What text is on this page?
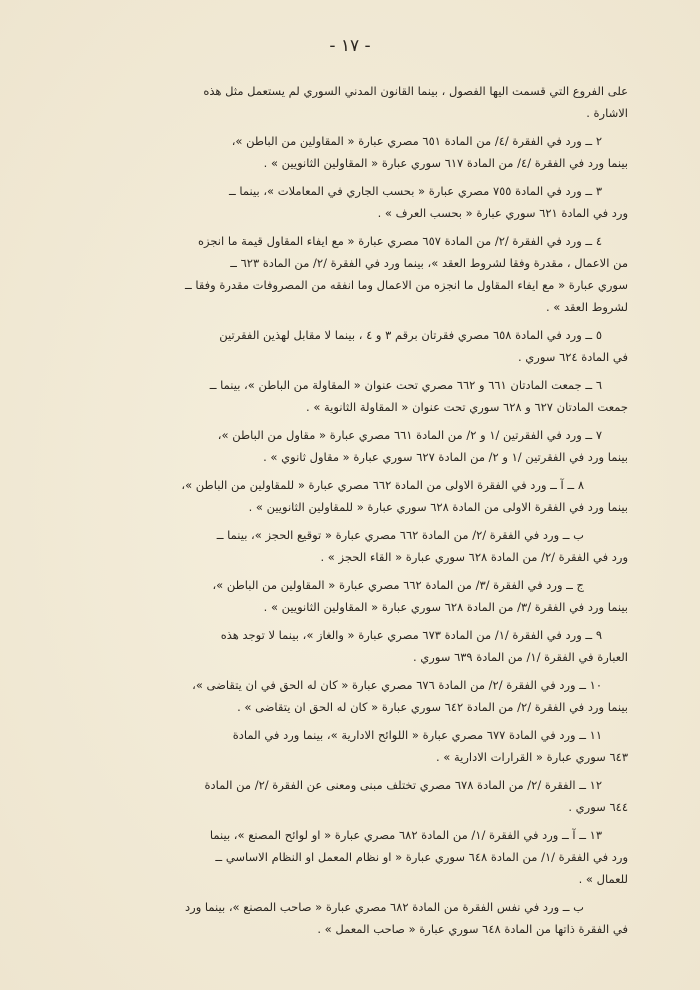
- ١٧ -

على الفروع التي قسمت اليها الفصول ، بينما القانون المدني السوري لم يستعمل مثل هذه
الاشارة .

٢ ــ ورد في الفقرة /٤/ من المادة ٦٥١ مصري عبارة « المقاولين من الباطن »،
بينما ورد في الفقرة /٤/ من المادة ٦١٧ سوري عبارة « المقاولين الثانويين » .

٣ ــ ورد في المادة ٧٥٥ مصري عبارة « بحسب الجاري في المعاملات »، بينما ــ
ورد في المادة ٦٢١ سوري عبارة « بحسب العرف » .

٤ ــ ورد في الفقرة /٢/ من المادة ٦٥٧ مصري عبارة « مع ايفاء المقاول قيمة ما انجزه
من الاعمال ، مقدرة وفقا لشروط العقد »، بينما ورد في الفقرة /٢/ من المادة ٦٢٣ ــ
سوري عبارة « مع ايفاء المقاول ما انجزه من الاعمال وما انفقه من المصروفات مقدرة وفقا ــ
لشروط العقد » .

٥ ــ ورد في المادة ٦٥٨ مصري فقرتان برقم ٣ و ٤ ، بينما لا مقابل لهذين الفقرتين
في المادة ٦٢٤ سوري .

٦ ــ جمعت المادتان ٦٦١ و ٦٦٢ مصري تحت عنوان « المقاولة من الباطن »، بينما ــ
جمعت المادتان ٦٢٧ و ٦٢٨ سوري تحت عنوان « المقاولة الثانوية » .

٧ ــ ورد في الفقرتين /١ و ٢/ من المادة ٦٦١ مصري عبارة « مقاول من الباطن »،
بينما ورد في الفقرتين /١ و ٢/ من المادة ٦٢٧ سوري عبارة « مقاول ثانوي » .

٨ ــ آ ــ ورد في الفقرة الاولى من المادة ٦٦٢ مصري عبارة « للمقاولين من الباطن »،
بينما ورد في الفقرة الاولى من المادة ٦٢٨ سوري عبارة « للمقاولين الثانويين » .

ب ــ ورد في الفقرة /٢/ من المادة ٦٦٢ مصري عبارة « توقيع الحجز »، بينما ــ
ورد في الفقرة /٢/ من المادة ٦٢٨ سوري عبارة « القاء الحجز » .

ج ــ ورد في الفقرة /٣/ من المادة ٦٦٢ مصري عبارة « المقاولين من الباطن »،
بينما ورد في الفقرة /٣/ من المادة ٦٢٨ سوري عبارة « المقاولين الثانويين » .

٩ ــ ورد في الفقرة /١/ من المادة ٦٧٣ مصري عبارة « والغاز »، بينما لا توجد هذه
العبارة في الفقرة /١/ من المادة ٦٣٩ سوري .

١٠ ــ ورد في الفقرة /٢/ من المادة ٦٧٦ مصري عبارة « كان له الحق في ان يتقاضى »،
بينما ورد في الفقرة /٢/ من المادة ٦٤٢ سوري عبارة « كان له الحق ان يتقاضى » .

١١ ــ ورد في المادة ٦٧٧ مصري عبارة « اللوائح الادارية »، بينما ورد في المادة
٦٤٣ سوري عبارة « القرارات الادارية » .

١٢ ــ الفقرة /٢/ من المادة ٦٧٨ مصري تختلف مبنى ومعنى عن الفقرة /٢/ من المادة
٦٤٤ سوري .

١٣ ــ آ ــ ورد في الفقرة /١/ من المادة ٦٨٢ مصري عبارة « او لوائح المصنع »، بينما
ورد في الفقرة /١/ من المادة ٦٤٨ سوري عبارة « او نظام المعمل او النظام الاساسي ــ
للعمال » .

ب ــ ورد في نفس الفقرة من المادة ٦٨٢ مصري عبارة « صاحب المصنع »، بينما ورد
في الفقرة ذاتها من المادة ٦٤٨ سوري عبارة « صاحب المعمل » .
